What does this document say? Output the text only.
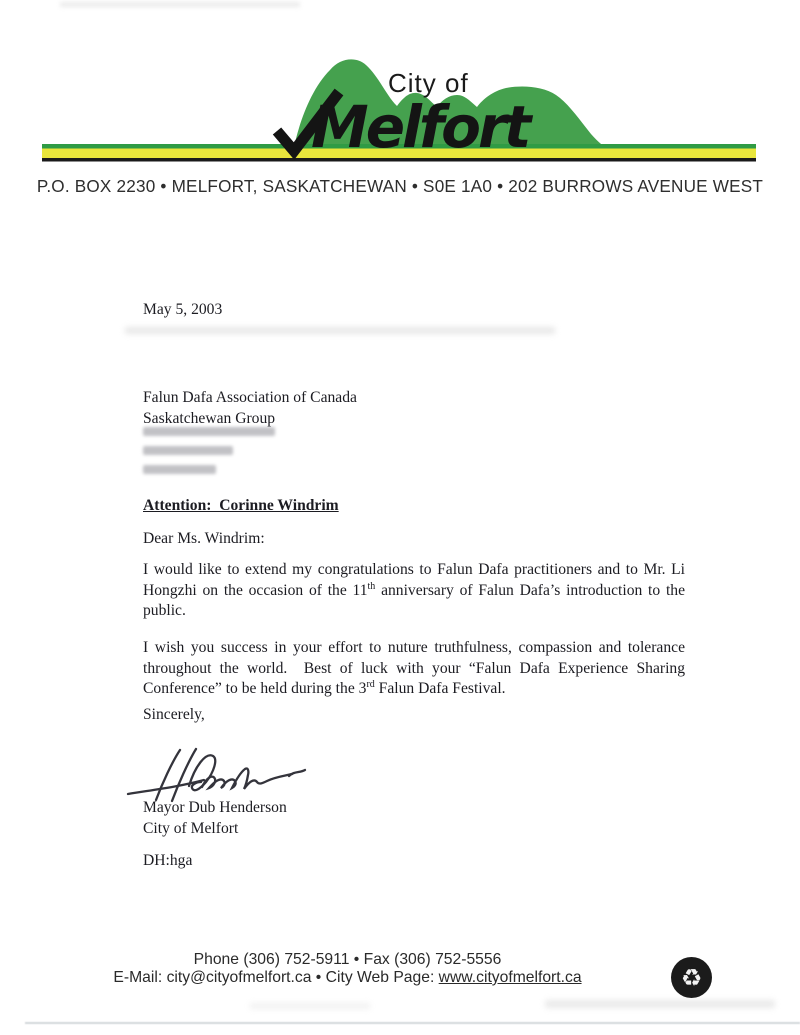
City of
Melfort
P.O. BOX 2230 • MELFORT, SASKATCHEWAN • S0E 1A0 • 202 BURROWS AVENUE WEST
May 5, 2003
Falun Dafa Association of Canada
Saskatchewan Group
Attention:  Corinne Windrim
Dear Ms. Windrim:

I would like to extend my congratulations to Falun Dafa practitioners and to Mr. Li Hongzhi on the occasion of the 11th anniversary of Falun Dafa’s introduction to the public.

I wish you success in your effort to nuture truthfulness, compassion and tolerance throughout the world.  Best of luck with your “Falun Dafa Experience Sharing Conference” to be held during the 3rd Falun Dafa Festival.

Sincerely,
Mayor Dub Henderson
City of Melfort
DH:hga
Phone (306) 752-5911 • Fax (306) 752-5556
E-Mail: city@cityofmelfort.ca • City Web Page: www.cityofmelfort.ca	♻
